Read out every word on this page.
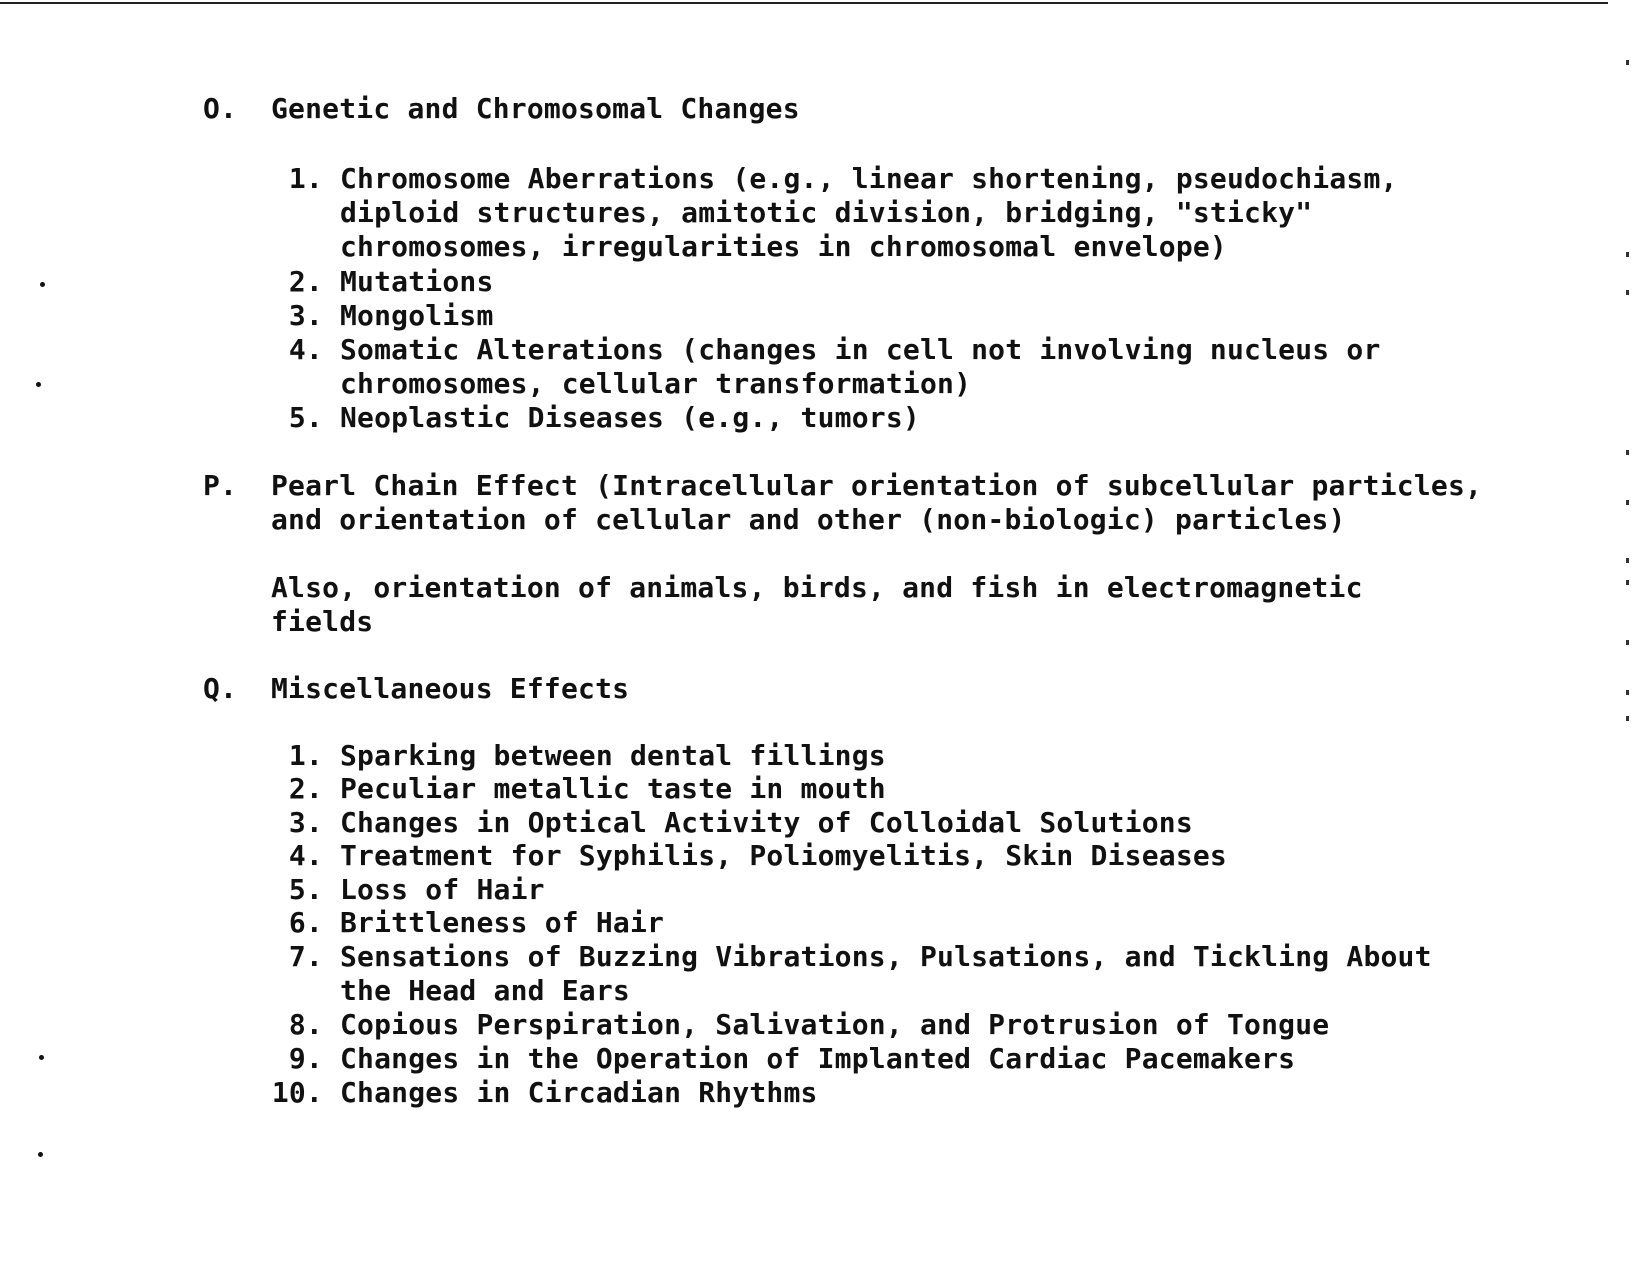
O. Genetic and Chromosomal Changes
1. Chromosome Aberrations (e.g., linear shortening, pseudochiasm,
diploid structures, amitotic division, bridging, "sticky"
chromosomes, irregularities in chromosomal envelope)
2. Mutations
3. Mongolism
4. Somatic Alterations (changes in cell not involving nucleus or
chromosomes, cellular transformation)
5. Neoplastic Diseases (e.g., tumors)
P. Pearl Chain Effect (Intracellular orientation of subcellular particles,
and orientation of cellular and other (non-biologic) particles)
Also, orientation of animals, birds, and fish in electromagnetic
fields
Q. Miscellaneous Effects
1. Sparking between dental fillings
2. Peculiar metallic taste in mouth
3. Changes in Optical Activity of Colloidal Solutions
4. Treatment for Syphilis, Poliomyelitis, Skin Diseases
5. Loss of Hair
6. Brittleness of Hair
7. Sensations of Buzzing Vibrations, Pulsations, and Tickling About
the Head and Ears
8. Copious Perspiration, Salivation, and Protrusion of Tongue
9. Changes in the Operation of Implanted Cardiac Pacemakers
10. Changes in Circadian Rhythms
